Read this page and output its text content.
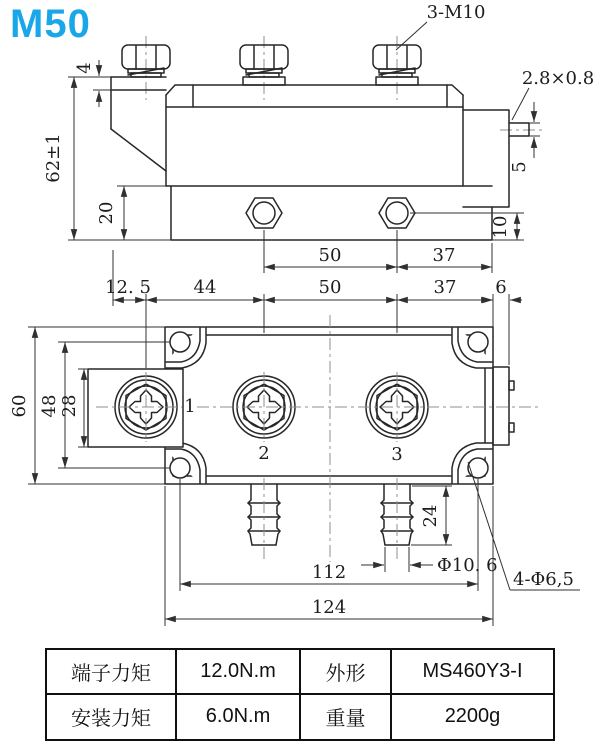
M50	3-M10
2.8×0.8
4
62±1
20
5
10
50	37
12. 5 44	50	37 6
60 48 28
24
Φ10. 6
112
124
4-Φ6,5
1
2	3
端子力矩	12.0N.m	外形	MS460Y3-I
安装力矩	6.0N.m	重量	2200g
